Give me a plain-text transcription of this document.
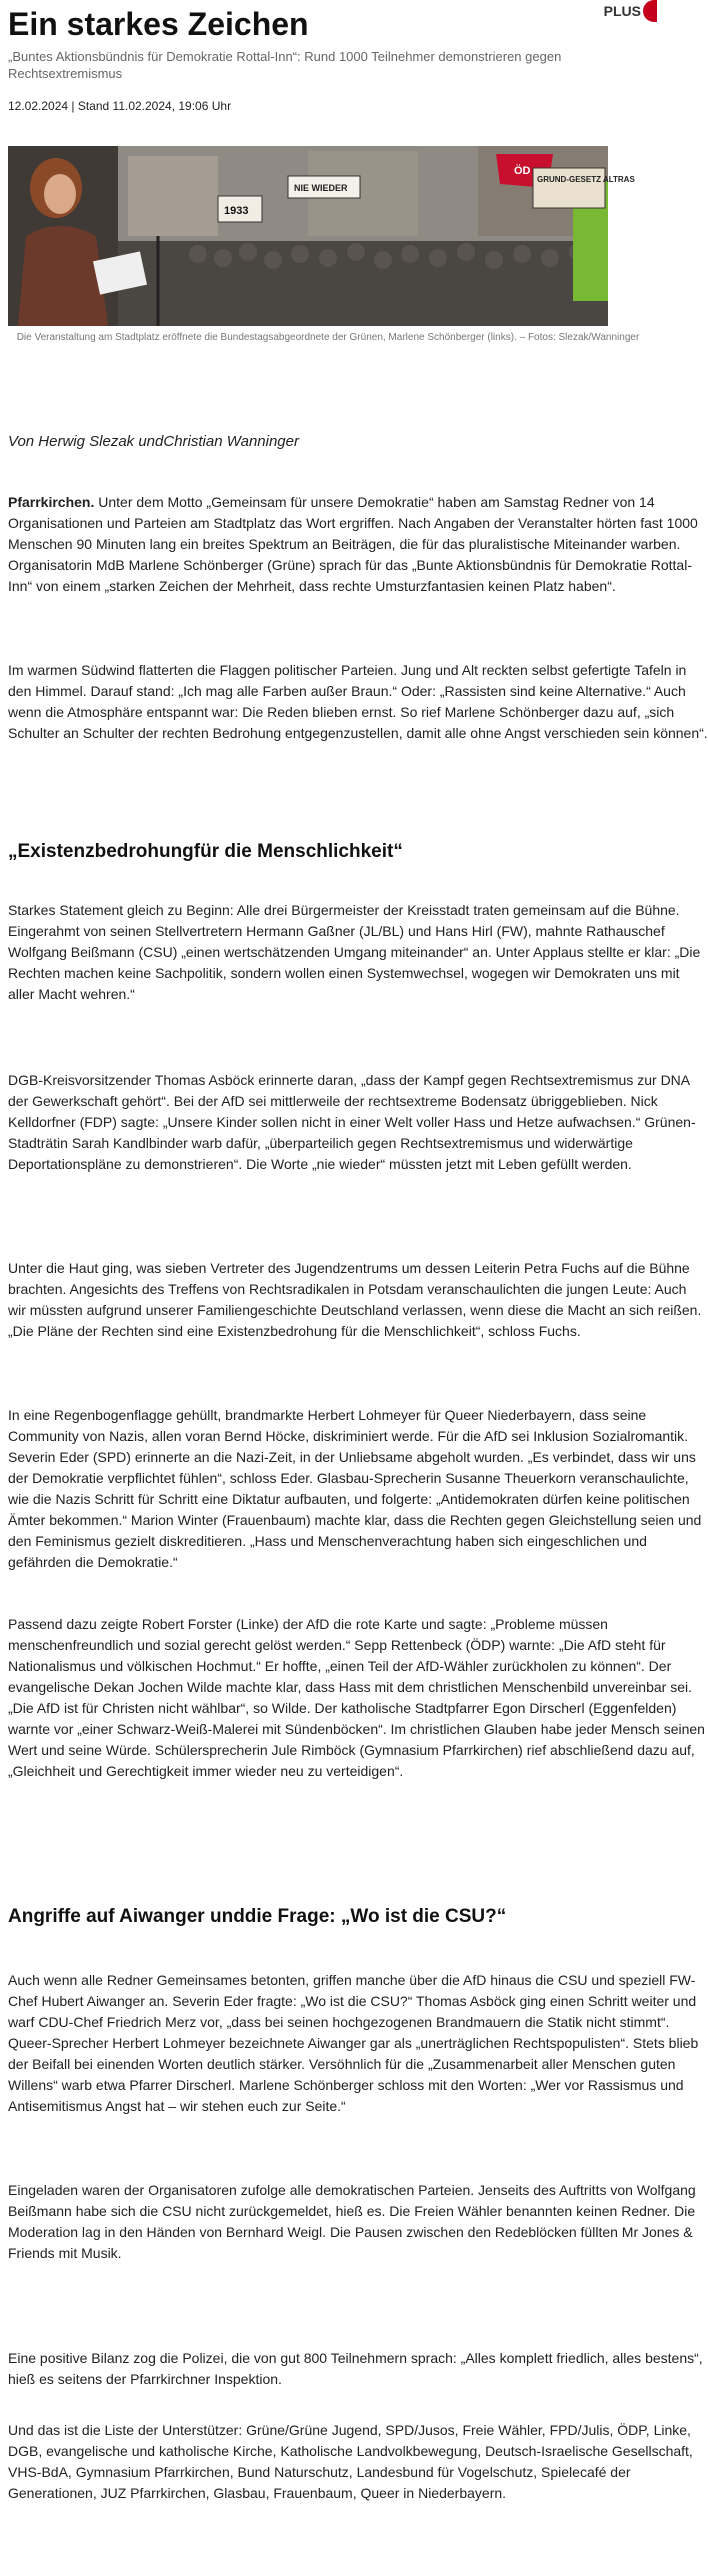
Ein starkes Zeichen	PLUS

„Buntes Aktionsbündnis für Demokratie Rottal-Inn“: Rund 1000 Teilnehmer demonstrieren gegen Rechtsextremismus

12.02.2024 | Stand 11.02.2024, 19:06 Uhr
ÖD
GRUND-GESETZ ALTRAS
NIE WIEDER
1933

Die Veranstaltung am Stadtplatz eröffnete die Bundestagsabgeordnete der Grünen, Marlene Schönberger (links). – Fotos: Slezak/Wanninger

Von Herwig Slezak undChristian Wanninger

Pfarrkirchen. Unter dem Motto „Gemeinsam für unsere Demokratie“ haben am Samstag Redner von 14 Organisationen und Parteien am Stadtplatz das Wort ergriffen. Nach Angaben der Veranstalter hörten fast 1000 Menschen 90 Minuten lang ein breites Spektrum an Beiträgen, die für das pluralistische Miteinander warben. Organisatorin MdB Marlene Schönberger (Grüne) sprach für das „Bunte Aktionsbündnis für Demokratie Rottal-Inn“ von einem „starken Zeichen der Mehrheit, dass rechte Umsturzfantasien keinen Platz haben“.

Im warmen Südwind flatterten die Flaggen politischer Parteien. Jung und Alt reckten selbst gefertigte Tafeln in den Himmel. Darauf stand: „Ich mag alle Farben außer Braun.“ Oder: „Rassisten sind keine Alternative.“ Auch wenn die Atmosphäre entspannt war: Die Reden blieben ernst. So rief Marlene Schönberger dazu auf, „sich Schulter an Schulter der rechten Bedrohung entgegenzustellen, damit alle ohne Angst verschieden sein können“.

„Existenzbedrohungfür die Menschlichkeit“

Starkes Statement gleich zu Beginn: Alle drei Bürgermeister der Kreisstadt traten gemeinsam auf die Bühne. Eingerahmt von seinen Stellvertretern Hermann Gaßner (JL/BL) und Hans Hirl (FW), mahnte Rathauschef Wolfgang Beißmann (CSU) „einen wertschätzenden Umgang miteinander“ an. Unter Applaus stellte er klar: „Die Rechten machen keine Sachpolitik, sondern wollen einen Systemwechsel, wogegen wir Demokraten uns mit aller Macht wehren.“

DGB-Kreisvorsitzender Thomas Asböck erinnerte daran, „dass der Kampf gegen Rechtsextremismus zur DNA der Gewerkschaft gehört“. Bei der AfD sei mittlerweile der rechtsextreme Bodensatz übriggeblieben. Nick Kelldorfner (FDP) sagte: „Unsere Kinder sollen nicht in einer Welt voller Hass und Hetze aufwachsen.“ Grünen-Stadträtin Sarah Kandlbinder warb dafür, „überparteilich gegen Rechtsextremismus und widerwärtige Deportationspläne zu demonstrieren“. Die Worte „nie wieder“ müssten jetzt mit Leben gefüllt werden.

Unter die Haut ging, was sieben Vertreter des Jugendzentrums um dessen Leiterin Petra Fuchs auf die Bühne brachten. Angesichts des Treffens von Rechtsradikalen in Potsdam veranschaulichten die jungen Leute: Auch wir müssten aufgrund unserer Familiengeschichte Deutschland verlassen, wenn diese die Macht an sich reißen. „Die Pläne der Rechten sind eine Existenzbedrohung für die Menschlichkeit“, schloss Fuchs.

In eine Regenbogenflagge gehüllt, brandmarkte Herbert Lohmeyer für Queer Niederbayern, dass seine Community von Nazis, allen voran Bernd Höcke, diskriminiert werde. Für die AfD sei Inklusion Sozialromantik. Severin Eder (SPD) erinnerte an die Nazi-Zeit, in der Unliebsame abgeholt wurden. „Es verbindet, dass wir uns der Demokratie verpflichtet fühlen“, schloss Eder. Glasbau-Sprecherin Susanne Theuerkorn veranschaulichte, wie die Nazis Schritt für Schritt eine Diktatur aufbauten, und folgerte: „Antidemokraten dürfen keine politischen Ämter bekommen.“ Marion Winter (Frauenbaum) machte klar, dass die Rechten gegen Gleichstellung seien und den Feminismus gezielt diskreditieren. „Hass und Menschenverachtung haben sich eingeschlichen und gefährden die Demokratie.“

Passend dazu zeigte Robert Forster (Linke) der AfD die rote Karte und sagte: „Probleme müssen menschenfreundlich und sozial gerecht gelöst werden.“ Sepp Rettenbeck (ÖDP) warnte: „Die AfD steht für Nationalismus und völkischen Hochmut.“ Er hoffte, „einen Teil der AfD-Wähler zurückholen zu können“. Der evangelische Dekan Jochen Wilde machte klar, dass Hass mit dem christlichen Menschenbild unvereinbar sei. „Die AfD ist für Christen nicht wählbar“, so Wilde. Der katholische Stadtpfarrer Egon Dirscherl (Eggenfelden) warnte vor „einer Schwarz-Weiß-Malerei mit Sündenböcken“. Im christlichen Glauben habe jeder Mensch seinen Wert und seine Würde. Schülersprecherin Jule Rimböck (Gymnasium Pfarrkirchen) rief abschließend dazu auf, „Gleichheit und Gerechtigkeit immer wieder neu zu verteidigen“.

Angriffe auf Aiwanger unddie Frage: „Wo ist die CSU?“

Auch wenn alle Redner Gemeinsames betonten, griffen manche über die AfD hinaus die CSU und speziell FW-Chef Hubert Aiwanger an. Severin Eder fragte: „Wo ist die CSU?“ Thomas Asböck ging einen Schritt weiter und warf CDU-Chef Friedrich Merz vor, „dass bei seinen hochgezogenen Brandmauern die Statik nicht stimmt“. Queer-Sprecher Herbert Lohmeyer bezeichnete Aiwanger gar als „unerträglichen Rechtspopulisten“. Stets blieb der Beifall bei einenden Worten deutlich stärker. Versöhnlich für die „Zusammenarbeit aller Menschen guten Willens“ warb etwa Pfarrer Dirscherl. Marlene Schönberger schloss mit den Worten: „Wer vor Rassismus und Antisemitismus Angst hat – wir stehen euch zur Seite.“

Eingeladen waren der Organisatoren zufolge alle demokratischen Parteien. Jenseits des Auftritts von Wolfgang Beißmann habe sich die CSU nicht zurückgemeldet, hieß es. Die Freien Wähler benannten keinen Redner. Die Moderation lag in den Händen von Bernhard Weigl. Die Pausen zwischen den Redeblöcken füllten Mr Jones & Friends mit Musik.

Eine positive Bilanz zog die Polizei, die von gut 800 Teilnehmern sprach: „Alles komplett friedlich, alles bestens“, hieß es seitens der Pfarrkirchner Inspektion.

Und das ist die Liste der Unterstützer: Grüne/Grüne Jugend, SPD/Jusos, Freie Wähler, FPD/Julis, ÖDP, Linke, DGB, evangelische und katholische Kirche, Katholische Landvolkbewegung, Deutsch-Israelische Gesellschaft, VHS-BdA, Gymnasium Pfarrkirchen, Bund Naturschutz, Landesbund für Vogelschutz, Spielecafé der Generationen, JUZ Pfarrkirchen, Glasbau, Frauenbaum, Queer in Niederbayern.
